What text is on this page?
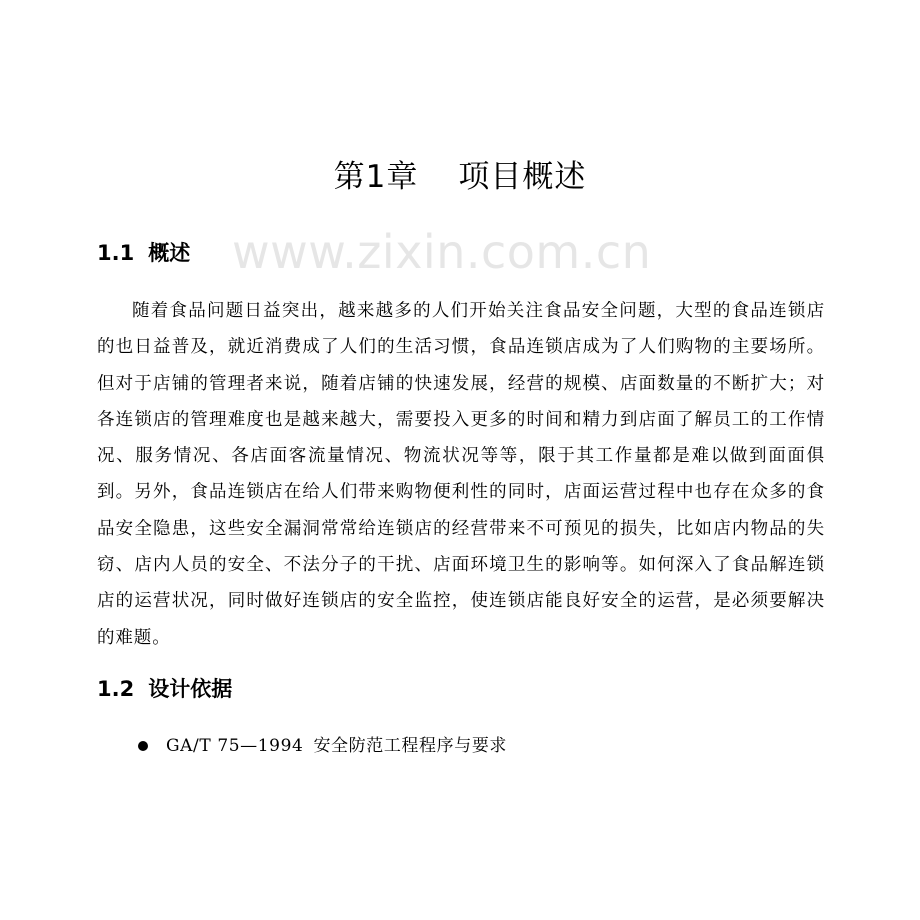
www.zixin.com.cn
第1章 项目概述
1.1 概述

随着食品问题日益突出，越来越多的人们开始关注食品安全问题，大型的食品连锁店的也日益普及，就近消费成了人们的生活习惯，食品连锁店成为了人们购物的主要场所。但对于店铺的管理者来说，随着店铺的快速发展，经营的规模、店面数量的不断扩大；对各连锁店的管理难度也是越来越大，需要投入更多的时间和精力到店面了解员工的工作情况、服务情况、各店面客流量情况、物流状况等等，限于其工作量都是难以做到面面俱到。另外，食品连锁店在给人们带来购物便利性的同时，店面运营过程中也存在众多的食品安全隐患，这些安全漏洞常常给连锁店的经营带来不可预见的损失，比如店内物品的失窃、店内人员的安全、不法分子的干扰、店面环境卫生的影响等。如何深入了食品解连锁店的运营状况，同时做好连锁店的安全监控，使连锁店能良好安全的运营，是必须要解决的难题。

1.2 设计依据
GA/T 75—1994 安全防范工程程序与要求
